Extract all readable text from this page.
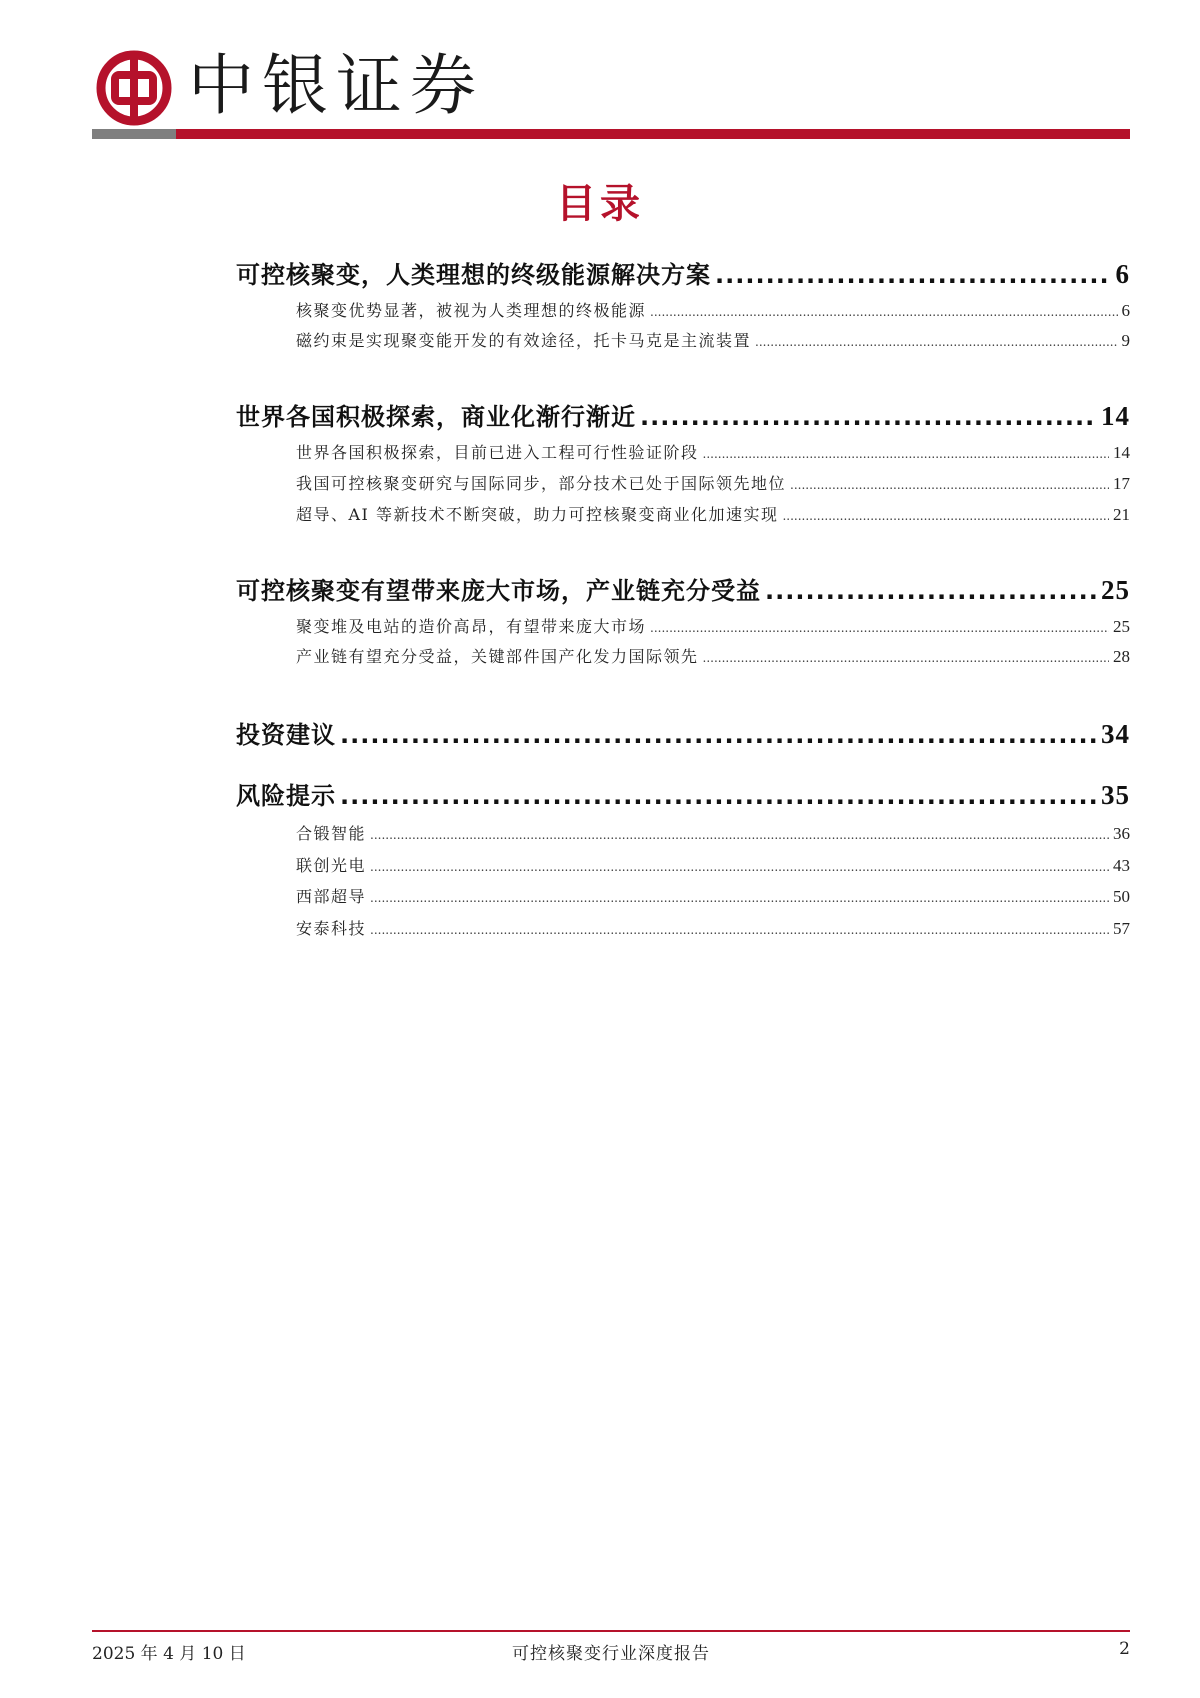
中银证券
目录
可控核聚变，人类理想的终级能源解决方案 .....	6
核聚变优势显著，被视为人类理想的终极能源 .....	6
磁约束是实现聚变能开发的有效途径，托卡马克是主流装置 .....	9
世界各国积极探索，商业化渐行渐近 .....	14
世界各国积极探索，目前已进入工程可行性验证阶段 .....	14
我国可控核聚变研究与国际同步，部分技术已处于国际领先地位 .....	17
超导、AI 等新技术不断突破，助力可控核聚变商业化加速实现 .....	21
可控核聚变有望带来庞大市场，产业链充分受益 .....	25
聚变堆及电站的造价高昂，有望带来庞大市场 .....	25
产业链有望充分受益，关键部件国产化发力国际领先 .....	28
投资建议 .....	34
风险提示 .....	35
合锻智能 .....	36
联创光电 .....	43
西部超导 .....	50
安泰科技 .....	57
2025 年 4 月 10 日	可控核聚变行业深度报告	2
